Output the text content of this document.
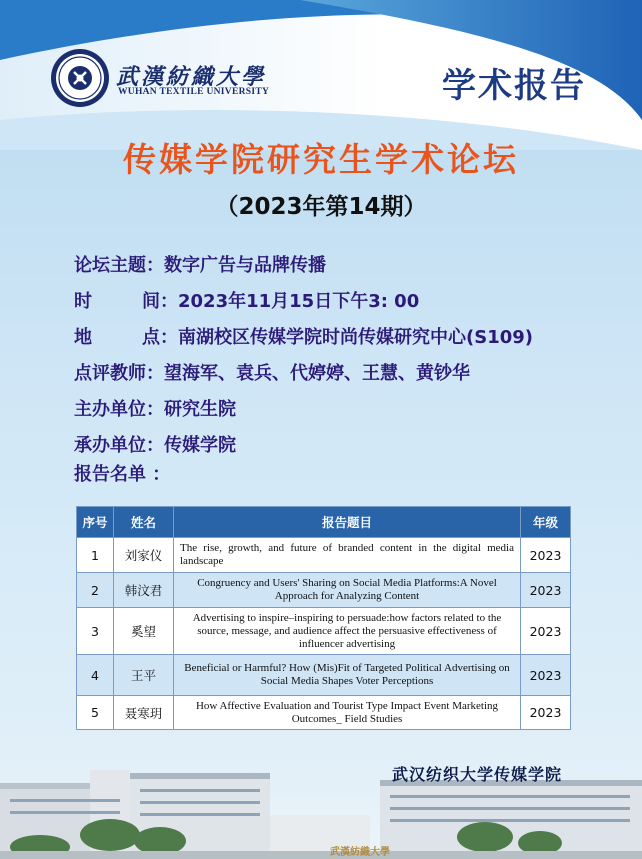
武漢紡織大學
WUHAN TEXTILE UNIVERSITY	学术报告
传媒学院研究生学术论坛
（2023年第14期）
论坛主题：数字广告与品牌传播
时	间： 2023年11月15日下午3: 00
地	点： 南湖校区传媒学院时尚传媒研究中心(S109)
点评教师：望海军、袁兵、代婷婷、王慧、黄钞华
主办单位：研究生院
承办单位：传媒学院
报告名单 ：
序号	姓名	报告题目	年级
1	刘家仪	The rise, growth, and future of branded content in the digital media landscape	2023
2	韩汶君	Congruency and Users' Sharing on Social Media Platforms:A Novel Approach for Analyzing Content	2023
3	奚望	Advertising to inspire–inspiring to persuade:how factors related to the source, message, and audience affect the persuasive effectiveness of influencer advertising	2023
4	王平	Beneficial or Harmful? How (Mis)Fit of Targeted Political Advertising on Social Media Shapes Voter Perceptions	2023
5	聂寒玥	How Affective Evaluation and Tourist Type Impact Event Marketing Outcomes_ Field Studies	2023
武漢紡織大學
武汉纺织大学传媒学院
